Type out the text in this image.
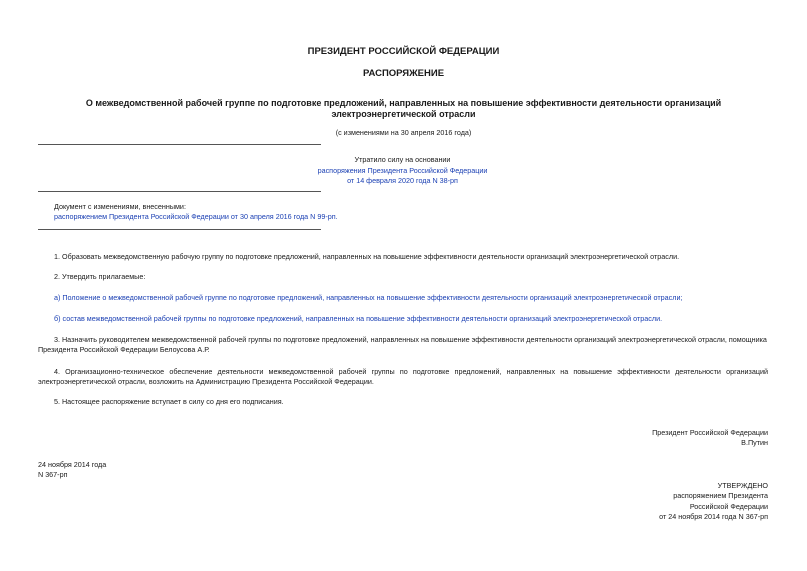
ПРЕЗИДЕНТ РОССИЙСКОЙ ФЕДЕРАЦИИ
РАСПОРЯЖЕНИЕ
О межведомственной рабочей группе по подготовке предложений, направленных на повышение эффективности деятельности организаций
электроэнергетической отрасли
(с изменениями на 30 апреля 2016 года)
Утратило силу на основании
распоряжения Президента Российской Федерации
от 14 февраля 2020 года N 38-рп
Документ с изменениями, внесенными:
распоряжением Президента Российской Федерации от 30 апреля 2016 года N 99-рп.
1. Образовать межведомственную рабочую группу по подготовке предложений, направленных на повышение эффективности деятельности организаций электроэнергетической отрасли.
2. Утвердить прилагаемые:
а) Положение о межведомственной рабочей группе по подготовке предложений, направленных на повышение эффективности деятельности организаций электроэнергетической отрасли;
б) состав межведомственной рабочей группы по подготовке предложений, направленных на повышение эффективности деятельности организаций электроэнергетической отрасли.
3. Назначить руководителем межведомственной рабочей группы по подготовке предложений, направленных на повышение эффективности деятельности организаций электроэнергетической отрасли, помощника
Президента Российской Федерации Белоусова А.Р.
4. Организационно-техническое обеспечение деятельности межведомственной рабочей группы по подготовке предложений, направленных на повышение эффективности деятельности организаций
электроэнергетической отрасли, возложить на Администрацию Президента Российской Федерации.
5. Настоящее распоряжение вступает в силу со дня его подписания.
Президент Российской Федерации
В.Путин
24 ноября 2014 года
N 367-рп
УТВЕРЖДЕНО
распоряжением Президента
Российской Федерации
от 24 ноября 2014 года N 367-рп
